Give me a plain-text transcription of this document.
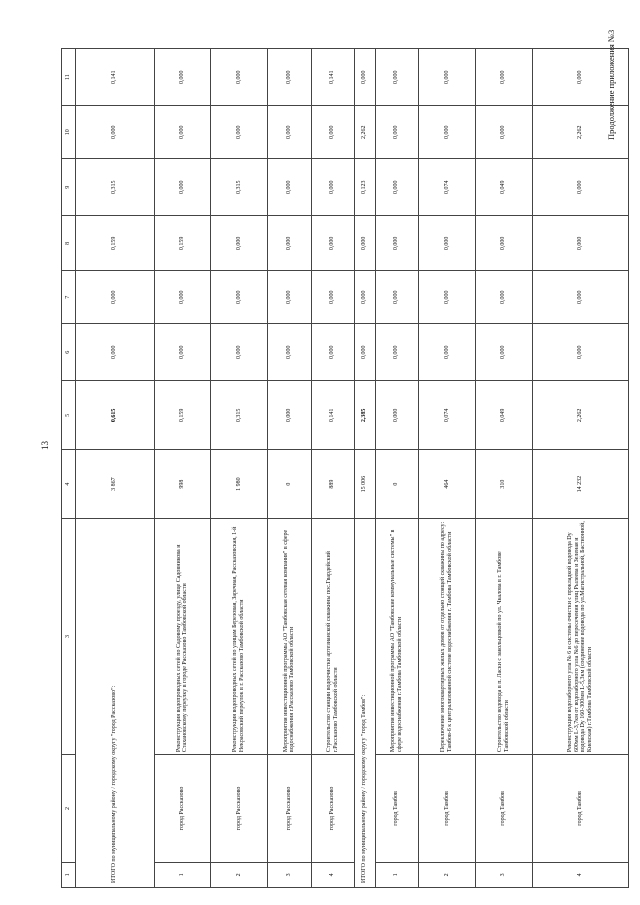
13
Продолжение приложения №3
1	2	3	4	5	6	7	8	9	10	11
ИТОГО по муниципальному району / городскому округу "город Рассказово":			3 867	0,615	0,000	0,000	0,159	0,315	0,000	0,141
1	город Рассказово	Реконструкция водопроводных сетей по Садовому проезду, улице Садовникова и Стахановскому переулку в городе Рассказово Тамбовской области	998	0,159	0,000	0,000	0,159	0,000	0,000	0,000
2	город Рассказово	Реконструкция водопроводных сетей по улицам Березовая, Заречная, Рассказовская, 1-й Некрасовский переулок в г. Рассказово Тамбовской области	1 980	0,315	0,000	0,000	0,000	0,315	0,000	0,000
3	город Рассказово	Мероприятия инвестиционной программы АО "Тамбовская сетевая компания" в сфере водоснабжения г.Рассказово Тамбовской области	0	0,000	0,000	0,000	0,000	0,000	0,000	0,000
4	город Рассказово	Строительство станции водоочистки артезианской скважины пос.Гвардейский г.Рассказово Тамбовской области	889	0,141	0,000	0,000	0,000	0,000	0,000	0,141
ИТОГО по муниципальному району / городскому округу "город Тамбов":			15 006	2,385	0,000	0,000	0,000	0,123	2,262	0,000
1	город Тамбов	Мероприятия инвестиционной программы АО "Тамбовские коммунальные системы" в сфере водоснабжения г.Тамбова Тамбовской области	0	0,000	0,000	0,000	0,000	0,000	0,000	0,000
2	город Тамбов	Переключение многоквартирных жилых домов от отдельно стоящей скважины по адресу: Тамбов-6 к централизованной системе водоснабжения г. Тамбова Тамбовской области	464	0,074	0,000	0,000	0,000	0,074	0,000	0,000
3	город Тамбов	Строительство водовода в п. Ласки с закольцовкой по ул. Чкалова в г. Тамбове Тамбовской области	310	0,049	0,000	0,000	0,000	0,049	0,000	0,000
4	город Тамбов	Реконструкция водозаборного узла № 6 и системы очистки с прокладкой водовода Dy 600мм L-3,7км от водозаборного узла №6 до пересечения улиц Рылеева и Зеленая и водовода Dy 160-300мм L-5,3км (соединение водовода по ул.Магистральной, Бастионной, Киевская) г.Тамбова Тамбовской области	14 232	2,262	0,000	0,000	0,000	0,000	2,262	0,000
